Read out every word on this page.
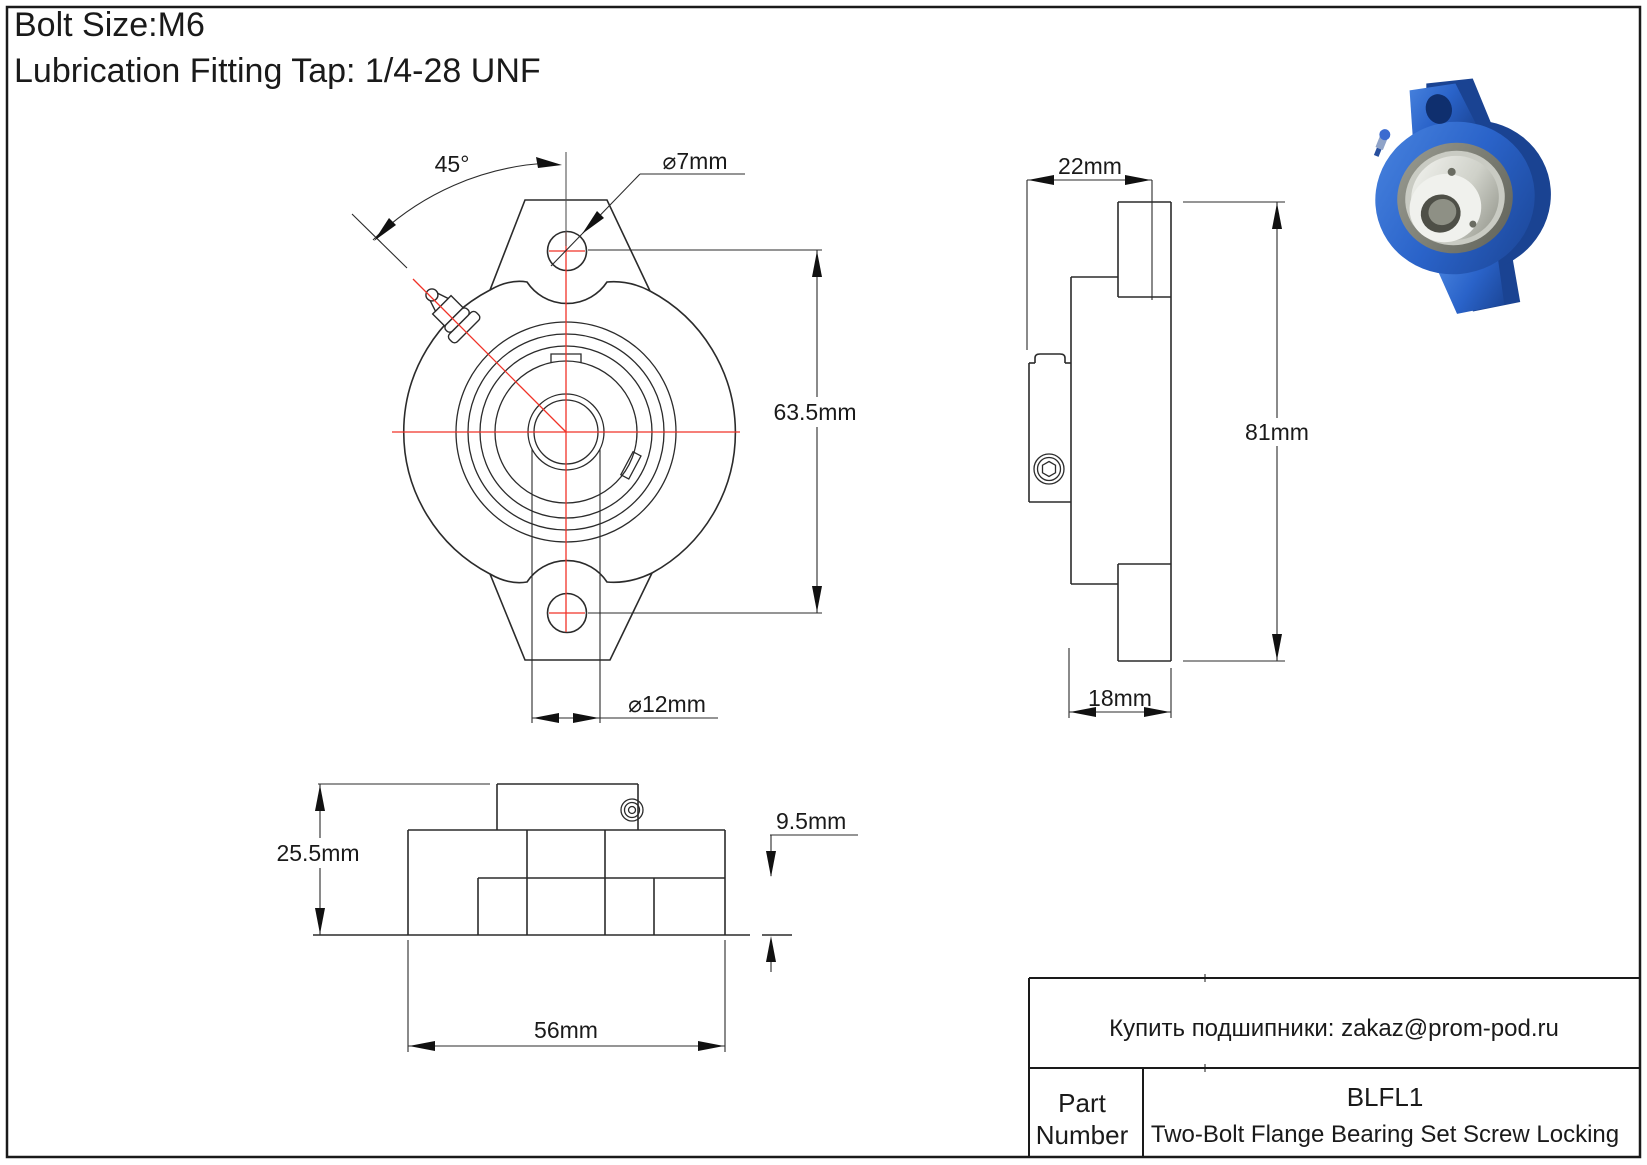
Bolt Size:M6
Lubrication Fitting Tap: 1/4-28 UNF
45°	⌀7mm
63.5mm
⌀12mm
22mm
81mm
18mm
25.5mm
9.5mm
56mm	Купить подшипники: zakaz@prom-pod.ru
Part
Number
BLFL1
Two-Bolt Flange Bearing Set Screw Locking
